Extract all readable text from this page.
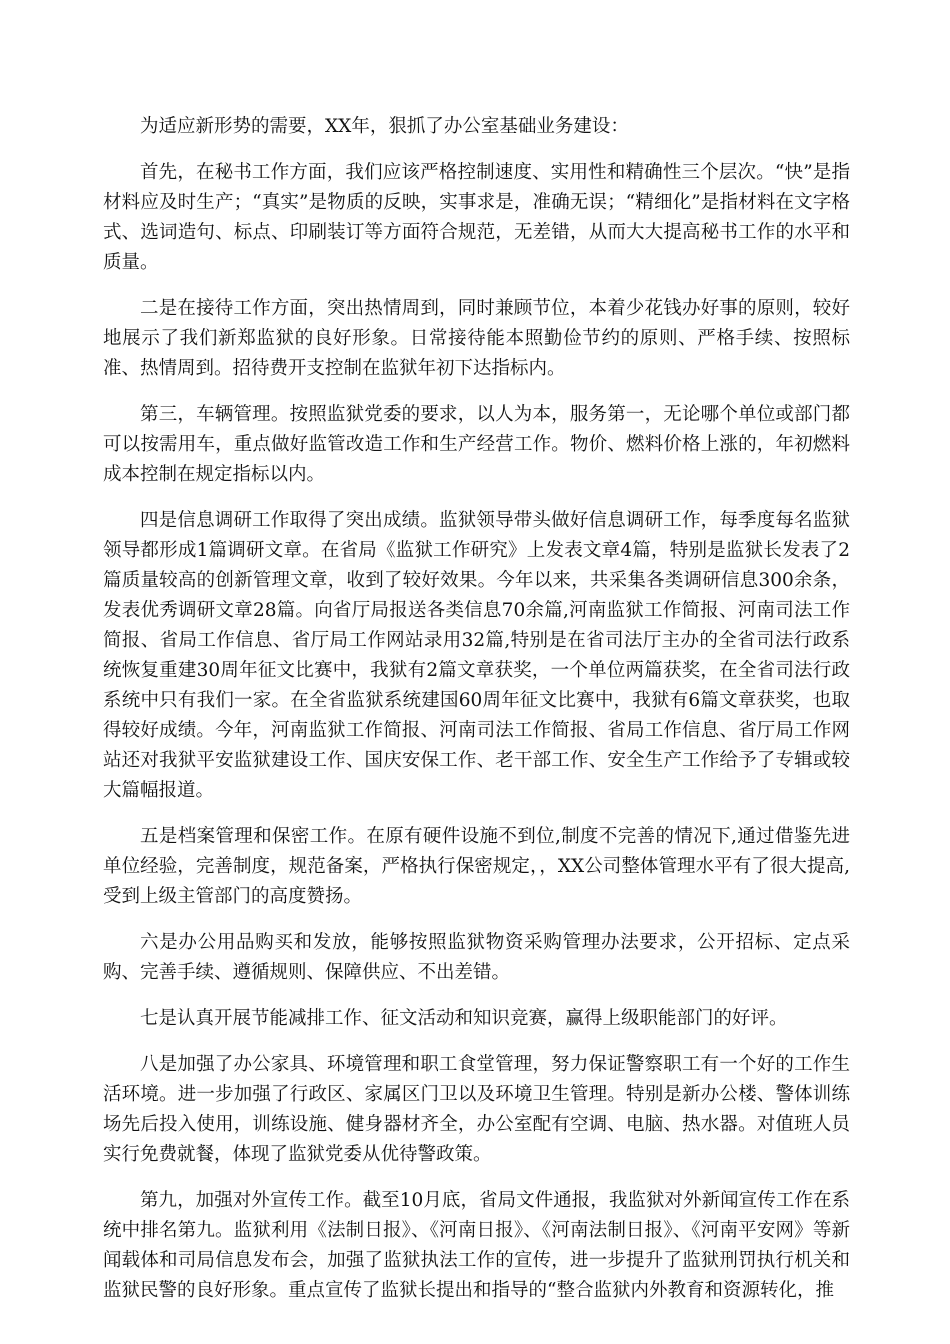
为适应新形势的需要，XX年，狠抓了办公室基础业务建设：

首先，在秘书工作方面，我们应该严格控制速度、实用性和精确性三个层次。“快”是指材料应及时生产；“真实”是物质的反映，实事求是，准确无误；“精细化”是指材料在文字格式、选词造句、标点、印刷装订等方面符合规范，无差错，从而大大提高秘书工作的水平和质量。

二是在接待工作方面，突出热情周到，同时兼顾节位，本着少花钱办好事的原则，较好地展示了我们新郑监狱的良好形象。日常接待能本照勤俭节约的原则、严格手续、按照标准、热情周到。招待费开支控制在监狱年初下达指标内。

第三，车辆管理。按照监狱党委的要求，以人为本，服务第一，无论哪个单位或部门都可以按需用车，重点做好监管改造工作和生产经营工作。物价、燃料价格上涨的，年初燃料成本控制在规定指标以内。

四是信息调研工作取得了突出成绩。监狱领导带头做好信息调研工作，每季度每名监狱领导都形成1篇调研文章。在省局《监狱工作研究》上发表文章4篇，特别是监狱长发表了2篇质量较高的创新管理文章，收到了较好效果。今年以来，共采集各类调研信息300余条，发表优秀调研文章28篇。向省厅局报送各类信息70余篇,河南监狱工作简报、河南司法工作简报、省局工作信息、省厅局工作网站录用32篇,特别是在省司法厅主办的全省司法行政系统恢复重建30周年征文比赛中，我狱有2篇文章获奖，一个单位两篇获奖，在全省司法行政系统中只有我们一家。在全省监狱系统建国60周年征文比赛中，我狱有6篇文章获奖，也取得较好成绩。今年，河南监狱工作简报、河南司法工作简报、省局工作信息、省厅局工作网站还对我狱平安监狱建设工作、国庆安保工作、老干部工作、安全生产工作给予了专辑或较大篇幅报道。

五是档案管理和保密工作。在原有硬件设施不到位,制度不完善的情况下,通过借鉴先进单位经验，完善制度，规范备案，严格执行保密规定，，XX公司整体管理水平有了很大提高,受到上级主管部门的高度赞扬。

六是办公用品购买和发放，能够按照监狱物资采购管理办法要求，公开招标、定点采购、完善手续、遵循规则、保障供应、不出差错。

七是认真开展节能减排工作、征文活动和知识竞赛，赢得上级职能部门的好评。

八是加强了办公家具、环境管理和职工食堂管理，努力保证警察职工有一个好的工作生活环境。进一步加强了行政区、家属区门卫以及环境卫生管理。特别是新办公楼、警体训练场先后投入使用，训练设施、健身器材齐全，办公室配有空调、电脑、热水器。对值班人员实行免费就餐，体现了监狱党委从优待警政策。

第九，加强对外宣传工作。截至10月底，省局文件通报，我监狱对外新闻宣传工作在系统中排名第九。监狱利用《法制日报》、《河南日报》、《河南法制日报》、《河南平安网》等新闻载体和司局信息发布会，加强了监狱执法工作的宣传，进一步提升了监狱刑罚执行机关和监狱民警的良好形象。重点宣传了监狱长提出和指导的“整合监狱内外教育和资源转化，推
